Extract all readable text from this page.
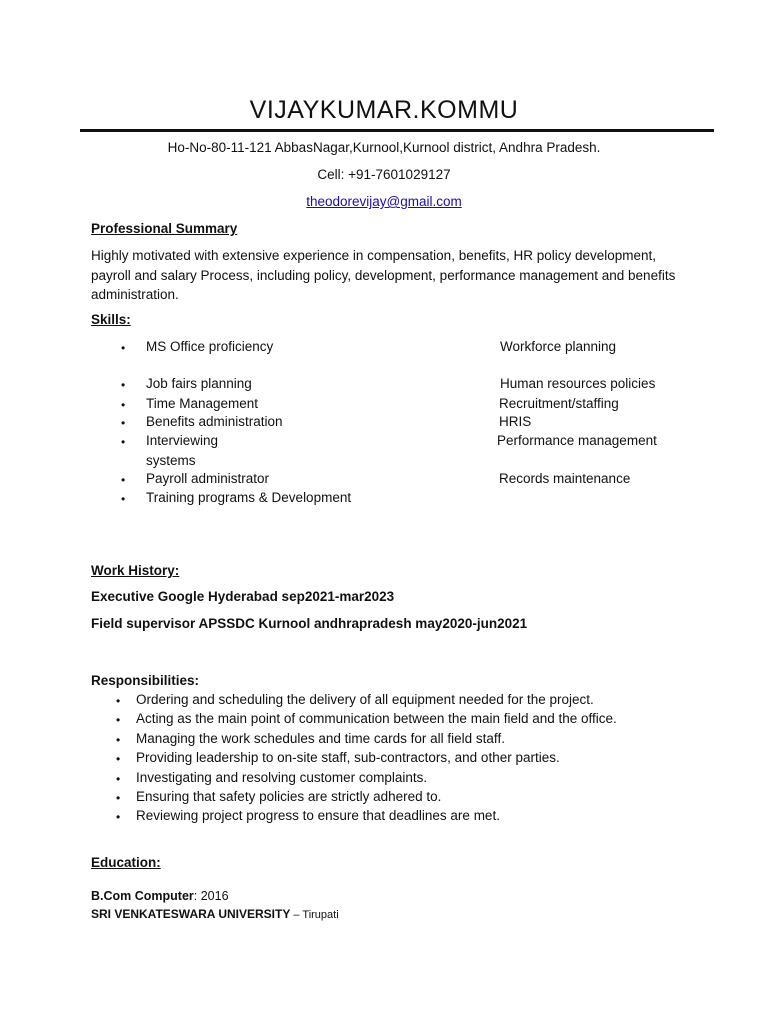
VIJAYKUMAR.KOMMU
Ho-No-80-11-121 AbbasNagar,Kurnool,Kurnool district, Andhra Pradesh.
Cell: +91-7601029127
theodorevijay@gmail.com
Professional Summary
Highly motivated with extensive experience in compensation, benefits, HR policy development, payroll and salary Process, including policy, development, performance management and benefits administration.
Skills:
• MS Office proficiency	Workforce planning
• Job fairs planning	Human resources policies
• Time Management	Recruitment/staffing
• Benefits administration	HRIS
• Interviewing	Performance management
systems
• Payroll administrator	Records maintenance
• Training programs & Development
Work History:
Executive Google Hyderabad sep2021-mar2023
Field supervisor APSSDC Kurnool andhrapradesh may2020-jun2021
Responsibilities:
• Ordering and scheduling the delivery of all equipment needed for the project.
• Acting as the main point of communication between the main field and the office.
• Managing the work schedules and time cards for all field staff.
• Providing leadership to on-site staff, sub-contractors, and other parties.
• Investigating and resolving customer complaints.
• Ensuring that safety policies are strictly adhered to.
• Reviewing project progress to ensure that deadlines are met.
Education:
B.Com Computer: 2016
SRI VENKATESWARA UNIVERSITY – Tirupati
